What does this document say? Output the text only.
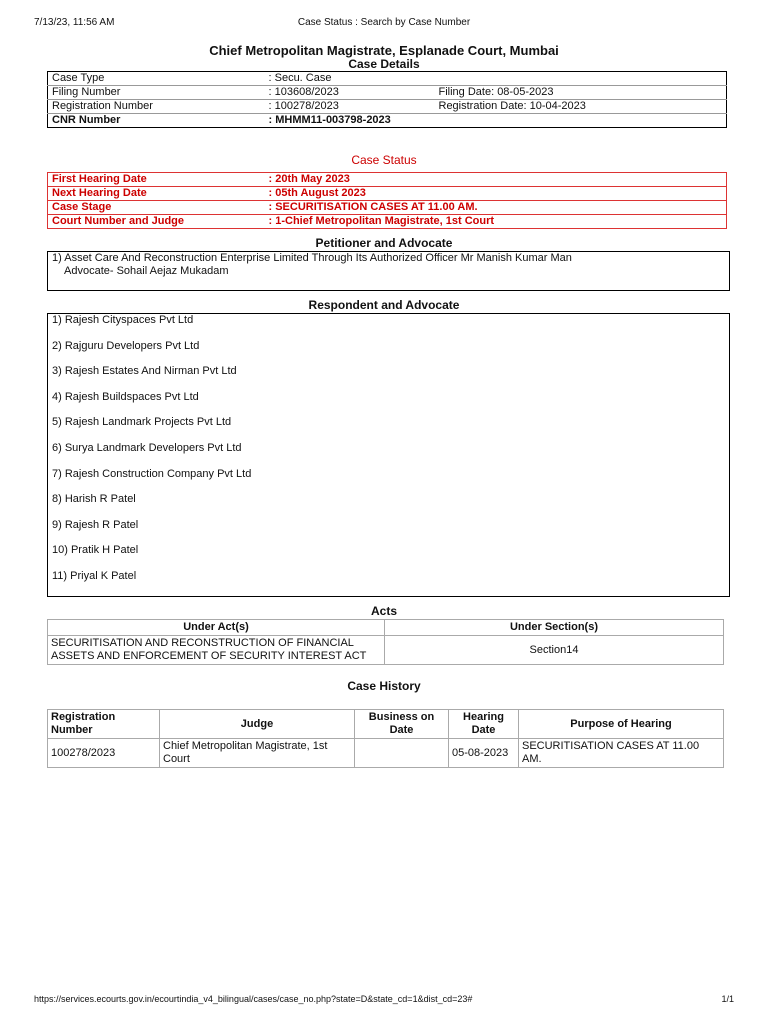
7/13/23, 11:56 AM	Case Status : Search by Case Number
Chief Metropolitan Magistrate, Esplanade Court, Mumbai
Case Details
Case Type	: Secu. Case	
Filing Number	: 103608/2023	Filing Date: 08-05-2023
Registration Number	: 100278/2023	Registration Date: 10-04-2023
CNR Number	: MHMM11-003798-2023	
Case Status
First Hearing Date	: 20th May 2023
Next Hearing Date	: 05th August 2023
Case Stage	: SECURITISATION CASES AT 11.00 AM.
Court Number and Judge	: 1-Chief Metropolitan Magistrate, 1st Court
Petitioner and Advocate
1) Asset Care And Reconstruction Enterprise Limited Through Its Authorized Officer Mr Manish Kumar Man
Advocate- Sohail Aejaz Mukadam
Respondent and Advocate
1) Rajesh Cityspaces Pvt Ltd
2) Rajguru Developers Pvt Ltd
3) Rajesh Estates And Nirman Pvt Ltd
4) Rajesh Buildspaces Pvt Ltd
5) Rajesh Landmark Projects Pvt Ltd
6) Surya Landmark Developers Pvt Ltd
7) Rajesh Construction Company Pvt Ltd
8) Harish R Patel
9) Rajesh R Patel
10) Pratik H Patel
11) Priyal K Patel
Acts
Under Act(s)	Under Section(s)
SECURITISATION AND RECONSTRUCTION OF FINANCIAL ASSETS AND ENFORCEMENT OF SECURITY INTEREST ACT	Section14
Case History
Registration Number	Judge	Business on Date	Hearing Date	Purpose of Hearing
100278/2023	Chief Metropolitan Magistrate, 1st Court		05-08-2023	SECURITISATION CASES AT 11.00 AM.
https://services.ecourts.gov.in/ecourtindia_v4_bilingual/cases/case_no.php?state=D&state_cd=1&dist_cd=23#	1/1
